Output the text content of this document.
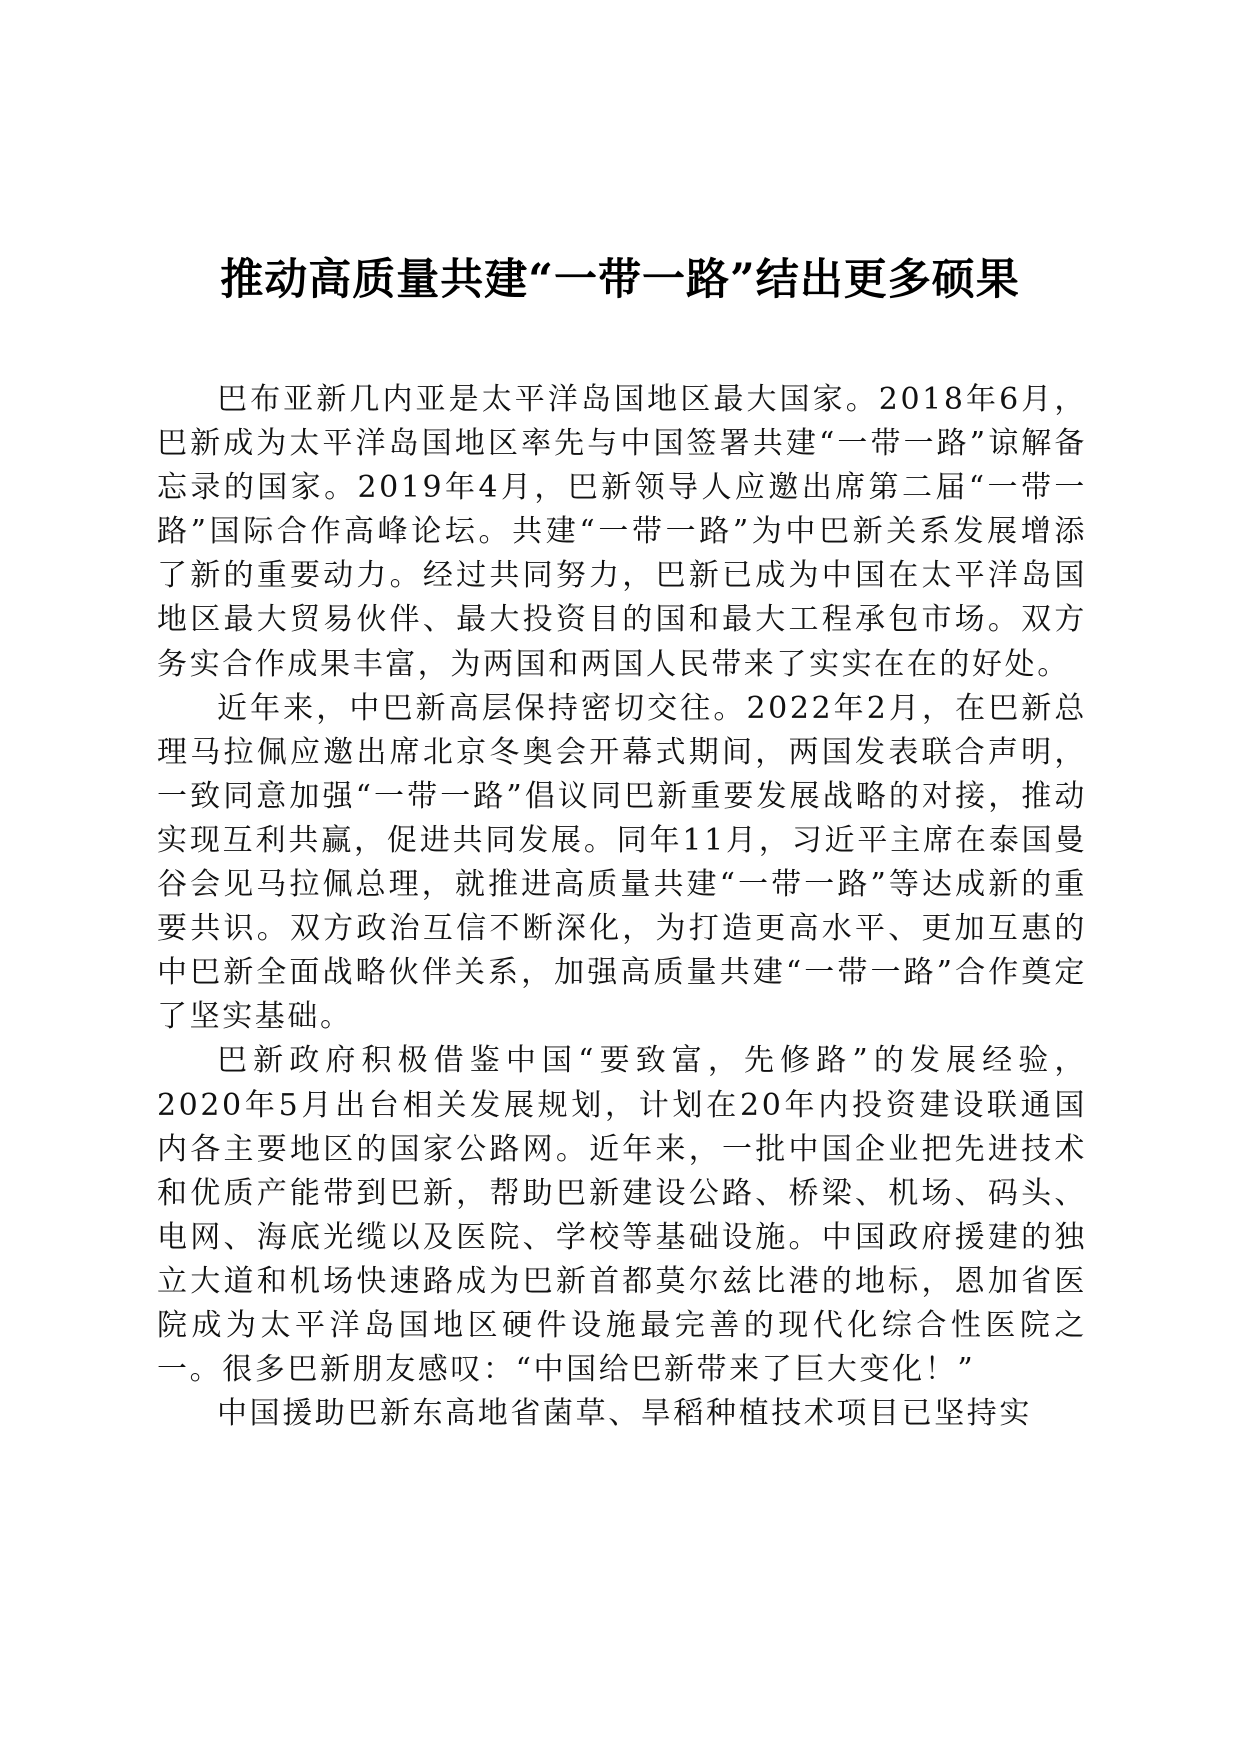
推动高质量共建“一带一路”结出更多硕果

巴布亚新几内亚是太平洋岛国地区最大国家。2018年6月，巴新成为太平洋岛国地区率先与中国签署共建“一带一路”谅解备忘录的国家。2019年4月，巴新领导人应邀出席第二届“一带一路”国际合作高峰论坛。共建“一带一路”为中巴新关系发展增添了新的重要动力。经过共同努力，巴新已成为中国在太平洋岛国地区最大贸易伙伴、最大投资目的国和最大工程承包市场。双方务实合作成果丰富，为两国和两国人民带来了实实在在的好处。

近年来，中巴新高层保持密切交往。2022年2月，在巴新总理马拉佩应邀出席北京冬奥会开幕式期间，两国发表联合声明，一致同意加强“一带一路”倡议同巴新重要发展战略的对接，推动实现互利共赢，促进共同发展。同年11月，习近平主席在泰国曼谷会见马拉佩总理，就推进高质量共建“一带一路”等达成新的重要共识。双方政治互信不断深化，为打造更高水平、更加互惠的中巴新全面战略伙伴关系，加强高质量共建“一带一路”合作奠定了坚实基础。

巴新政府积极借鉴中国“要致富，先修路”的发展经验，2020年5月出台相关发展规划，计划在20年内投资建设联通国内各主要地区的国家公路网。近年来，一批中国企业把先进技术和优质产能带到巴新，帮助巴新建设公路、桥梁、机场、码头、电网、海底光缆以及医院、学校等基础设施。中国政府援建的独立大道和机场快速路成为巴新首都莫尔兹比港的地标，恩加省医院成为太平洋岛国地区硬件设施最完善的现代化综合性医院之一。很多巴新朋友感叹：“中国给巴新带来了巨大变化！”

中国援助巴新东高地省菌草、旱稻种植技术项目已坚持实
